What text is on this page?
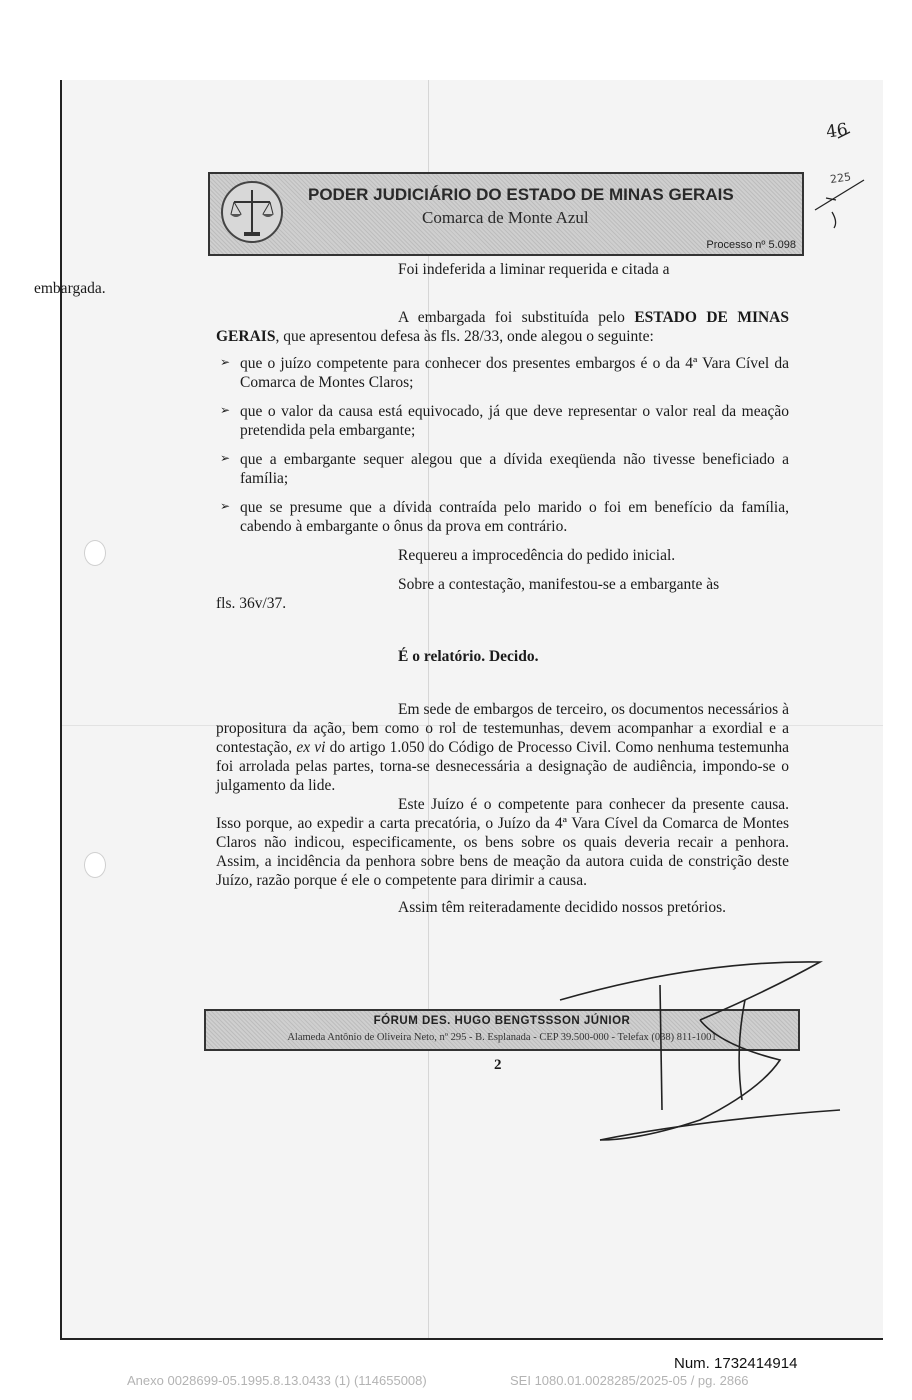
PODER JUDICIÁRIO DO ESTADO DE MINAS GERAIS
Comarca de Monte Azul
Processo nº 5.098

Foi indeferida a liminar requerida e citada a
embargada.

A embargada foi substituída pelo ESTADO DE MINAS GERAIS, que apresentou defesa às fls. 28/33, onde alegou o seguinte:

➢ que o juízo competente para conhecer dos presentes embargos é o da 4ª Vara Cível da Comarca de Montes Claros;
➢ que o valor da causa está equivocado, já que deve representar o valor real da meação pretendida pela embargante;
➢ que a embargante sequer alegou que a dívida exeqüenda não tivesse beneficiado a família;
➢ que se presume que a dívida contraída pelo marido o foi em benefício da família, cabendo à embargante o ônus da prova em contrário.

Requereu a improcedência do pedido inicial.

Sobre a contestação, manifestou-se a embargante às
fls. 36v/37.

É o relatório. Decido.

Em sede de embargos de terceiro, os documentos necessários à propositura da ação, bem como o rol de testemunhas, devem acompanhar a exordial e a contestação, ex vi do artigo 1.050 do Código de Processo Civil. Como nenhuma testemunha foi arrolada pelas partes, torna-se desnecessária a designação de audiência, impondo-se o julgamento da lide.

Este Juízo é o competente para conhecer da presente causa. Isso porque, ao expedir a carta precatória, o Juízo da 4ª Vara Cível da Comarca de Montes Claros não indicou, especificamente, os bens sobre os quais deveria recair a penhora. Assim, a incidência da penhora sobre bens de meação da autora cuida de constrição deste Juízo, razão porque é ele o competente para dirimir a causa.

Assim têm reiteradamente decidido nossos pretórios.

FÓRUM DES. HUGO BENGTSSSON JÚNIOR
Alameda Antônio de Oliveira Neto, nº 295 - B. Esplanada - CEP 39.500-000 - Telefax (038) 811-1001
2
46
225
Num. 1732414914
Anexo 0028699-05.1995.8.13.0433 (1) (114655008)	SEI 1080.01.0028285/2025-05 / pg. 2866
